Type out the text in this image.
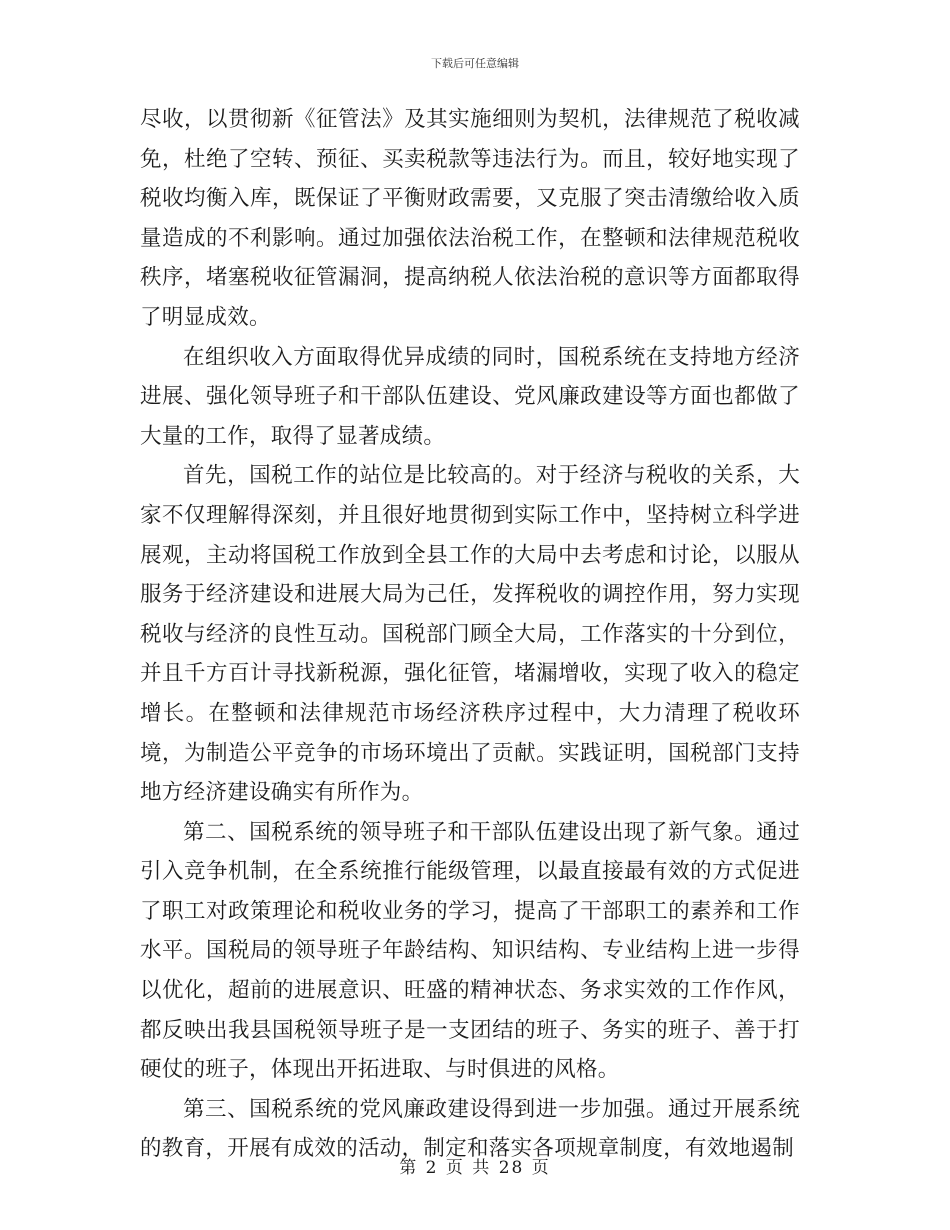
下载后可任意编辑

尽收，以贯彻新《征管法》及其实施细则为契机，法律规范了税收减免，杜绝了空转、预征、买卖税款等违法行为。而且，较好地实现了税收均衡入库，既保证了平衡财政需要，又克服了突击清缴给收入质量造成的不利影响。通过加强依法治税工作，在整顿和法律规范税收秩序，堵塞税收征管漏洞，提高纳税人依法治税的意识等方面都取得了明显成效。

在组织收入方面取得优异成绩的同时，国税系统在支持地方经济进展、强化领导班子和干部队伍建设、党风廉政建设等方面也都做了大量的工作，取得了显著成绩。

首先，国税工作的站位是比较高的。对于经济与税收的关系，大家不仅理解得深刻，并且很好地贯彻到实际工作中，坚持树立科学进展观，主动将国税工作放到全县工作的大局中去考虑和讨论，以服从服务于经济建设和进展大局为己任，发挥税收的调控作用，努力实现税收与经济的良性互动。国税部门顾全大局，工作落实的十分到位，并且千方百计寻找新税源，强化征管，堵漏增收，实现了收入的稳定增长。在整顿和法律规范市场经济秩序过程中，大力清理了税收环境，为制造公平竞争的市场环境出了贡献。实践证明，国税部门支持地方经济建设确实有所作为。

第二、国税系统的领导班子和干部队伍建设出现了新气象。通过引入竞争机制，在全系统推行能级管理，以最直接最有效的方式促进了职工对政策理论和税收业务的学习，提高了干部职工的素养和工作水平。国税局的领导班子年龄结构、知识结构、专业结构上进一步得以优化，超前的进展意识、旺盛的精神状态、务求实效的工作作风，都反映出我县国税领导班子是一支团结的班子、务实的班子、善于打硬仗的班子，体现出开拓进取、与时俱进的风格。

第三、国税系统的党风廉政建设得到进一步加强。通过开展系统的教育，开展有成效的活动，制定和落实各项规章制度，有效地遏制

第 2 页 共 28 页
